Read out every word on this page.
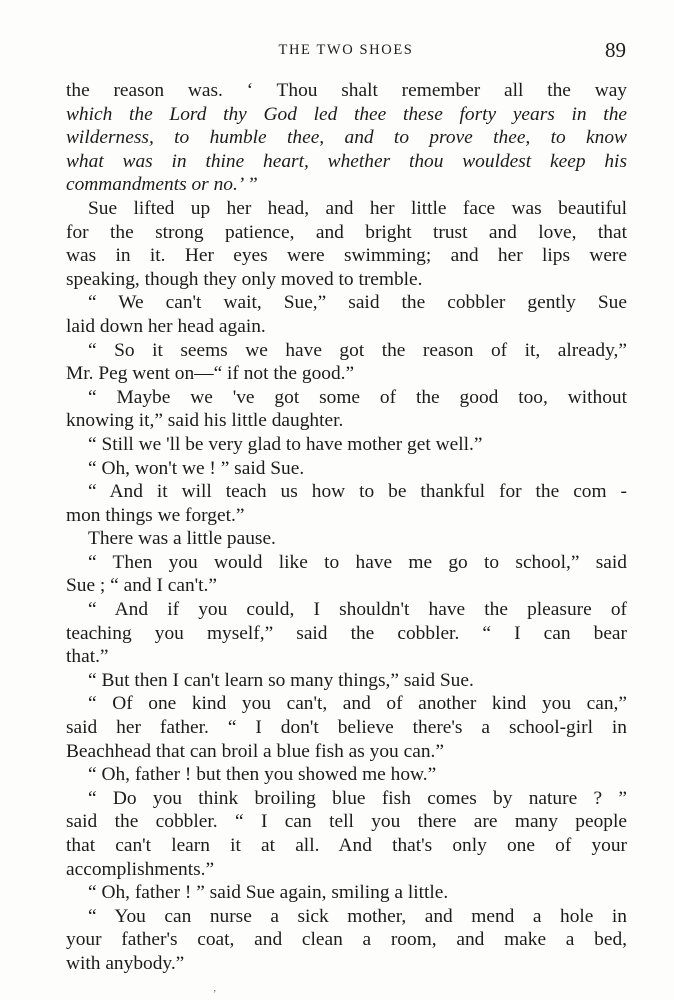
THE TWO SHOES	89
the reason was. ‘ Thou shalt remember all the way
which the Lord thy God led thee these forty years in the
wilderness, to humble thee, and to prove thee, to know
what was in thine heart, whether thou wouldest keep his
commandments or no.’ ”
Sue lifted up her head, and her little face was beautiful
for the strong patience, and bright trust and love, that
was in it. Her eyes were swimming; and her lips were
speaking, though they only moved to tremble.
“ We can't wait, Sue,” said the cobbler gently Sue
laid down her head again.
“ So it seems we have got the reason of it, already,”
Mr. Peg went on—“ if not the good.”
“ Maybe we 've got some of the good too, without
knowing it,” said his little daughter.
“ Still we 'll be very glad to have mother get well.”
“ Oh, won't we ! ” said Sue.
“ And it will teach us how to be thankful for the com -
mon things we forget.”
There was a little pause.
“ Then you would like to have me go to school,” said
Sue ; “ and I can't.”
“ And if you could, I shouldn't have the pleasure of
teaching you myself,” said the cobbler. “ I can bear
that.”
“ But then I can't learn so many things,” said Sue.
“ Of one kind you can't, and of another kind you can,”
said her father. “ I don't believe there's a school-girl in
Beachhead that can broil a blue fish as you can.”
“ Oh, father ! but then you showed me how.”
“ Do you think broiling blue fish comes by nature ? ”
said the cobbler. “ I can tell you there are many people
that can't learn it at all. And that's only one of your
accomplishments.”
“ Oh, father ! ” said Sue again, smiling a little.
“ You can nurse a sick mother, and mend a hole in
your father's coat, and clean a room, and make a bed,
with anybody.”
’
